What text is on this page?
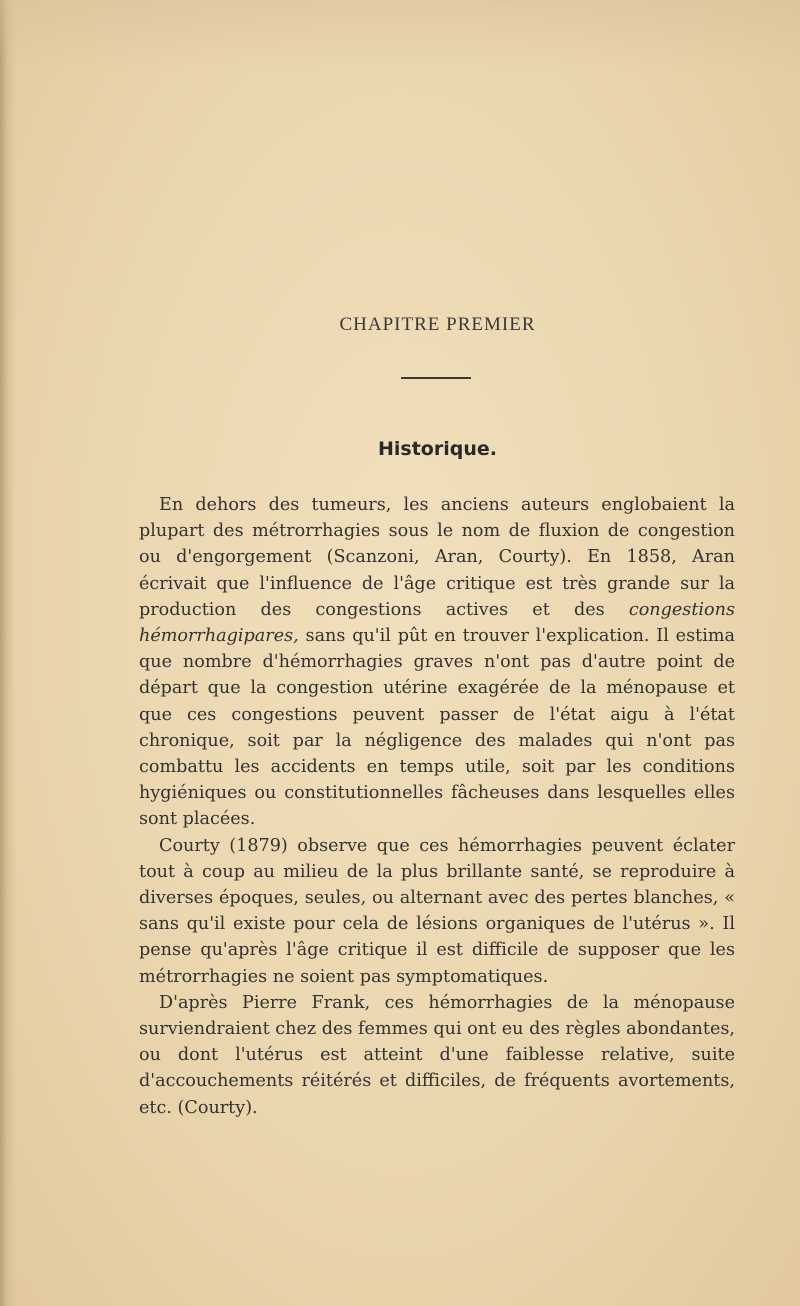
CHAPITRE PREMIER
Historique.

En dehors des tumeurs, les anciens auteurs englobaient la plupart des métrorrhagies sous le nom de fluxion de congestion ou d'engorgement (Scanzoni, Aran, Courty). En 1858, Aran écrivait que l'influence de l'âge critique est très grande sur la production des congestions actives et des congestions hémorrhagipares, sans qu'il pût en trouver l'explication. Il estima que nombre d'hémorrhagies graves n'ont pas d'autre point de départ que la congestion utérine exagérée de la ménopause et que ces congestions peuvent passer de l'état aigu à l'état chronique, soit par la négligence des malades qui n'ont pas combattu les accidents en temps utile, soit par les conditions hygiéniques ou constitutionnelles fâcheuses dans lesquelles elles sont placées.

Courty (1879) observe que ces hémorrhagies peuvent éclater tout à coup au milieu de la plus brillante santé, se reproduire à diverses époques, seules, ou alternant avec des pertes blanches, « sans qu'il existe pour cela de lésions organiques de l'utérus ». Il pense qu'après l'âge critique il est difficile de supposer que les métrorrhagies ne soient pas symptomatiques.

D'après Pierre Frank, ces hémorrhagies de la ménopause surviendraient chez des femmes qui ont eu des règles abondantes, ou dont l'utérus est atteint d'une faiblesse relative, suite d'accouchements réitérés et difficiles, de fréquents avortements, etc. (Courty).
